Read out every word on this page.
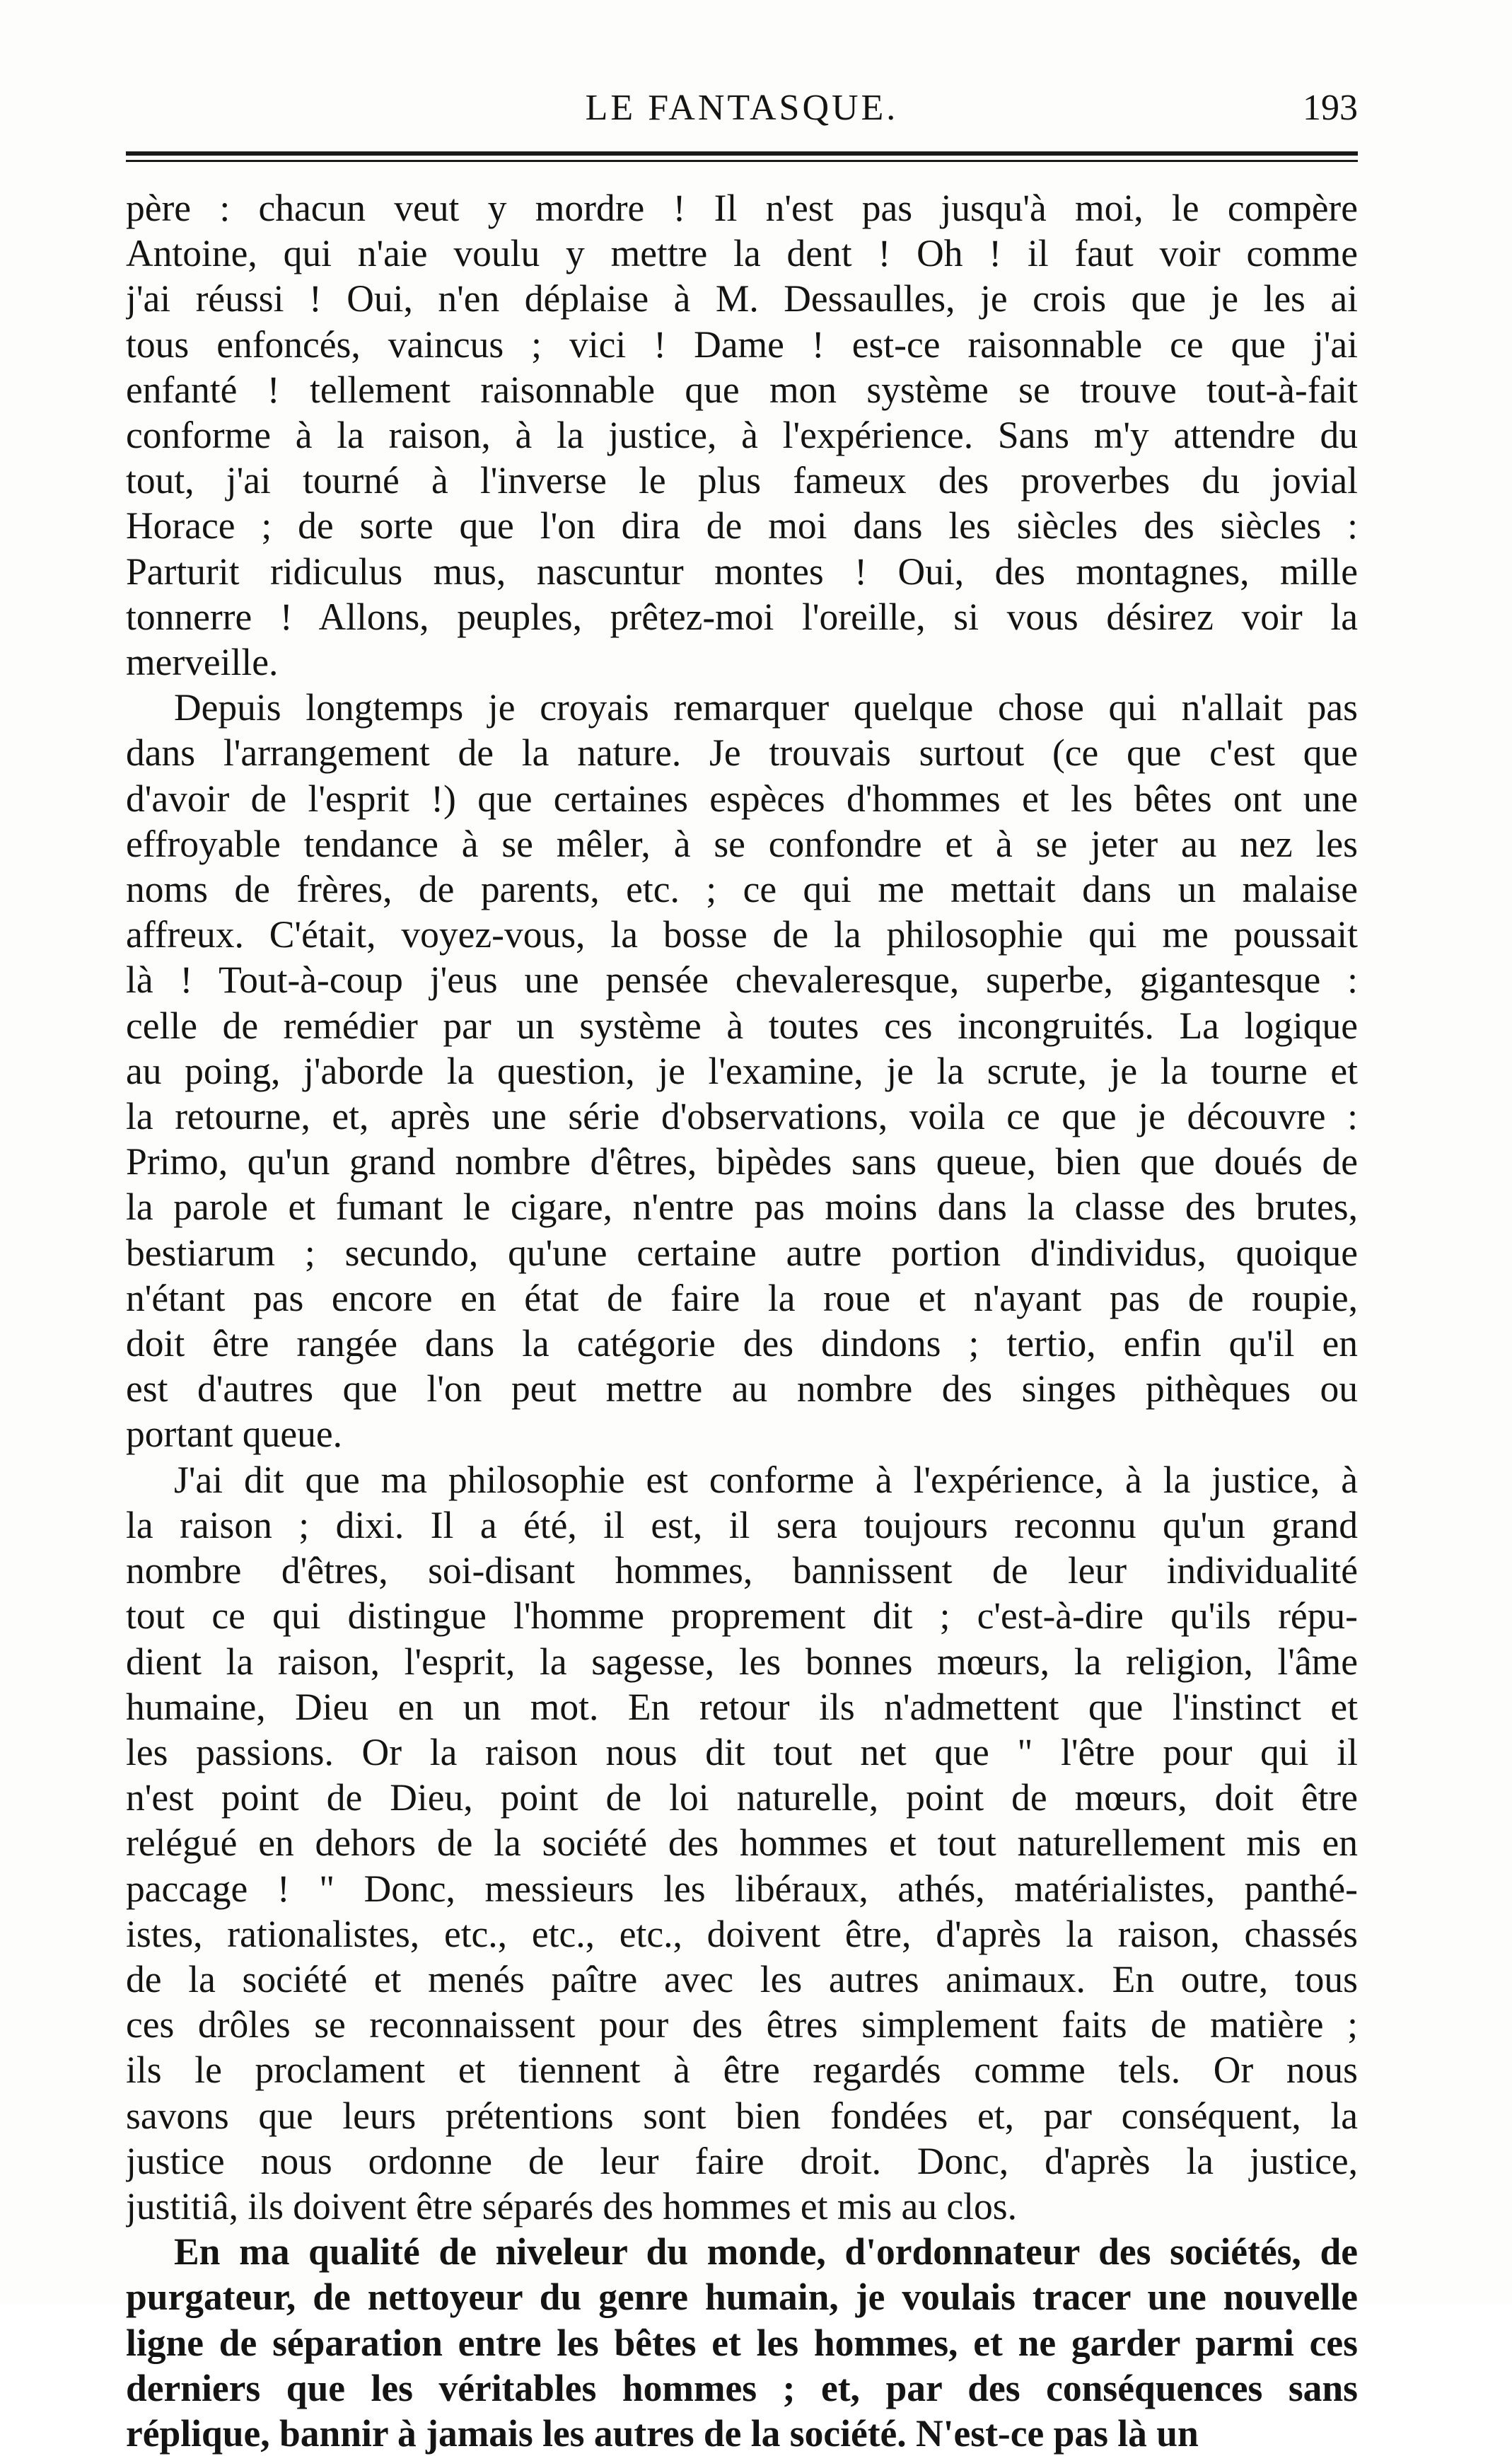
LE FANTASQUE.	193
père : chacun veut y mordre ! Il n'est pas jusqu'à moi, le compère
Antoine, qui n'aie voulu y mettre la dent ! Oh ! il faut voir comme
j'ai réussi ! Oui, n'en déplaise à M. Dessaulles, je crois que je les ai
tous enfoncés, vaincus ; vici ! Dame ! est-ce raisonnable ce que j'ai
enfanté ! tellement raisonnable que mon système se trouve tout-à-fait
conforme à la raison, à la justice, à l'expérience. Sans m'y attendre du
tout, j'ai tourné à l'inverse le plus fameux des proverbes du jovial
Horace ; de sorte que l'on dira de moi dans les siècles des siècles :
Parturit ridiculus mus, nascuntur montes ! Oui, des montagnes, mille
tonnerre ! Allons, peuples, prêtez-moi l'oreille, si vous désirez voir la
merveille.
Depuis longtemps je croyais remarquer quelque chose qui n'allait pas
dans l'arrangement de la nature. Je trouvais surtout (ce que c'est que
d'avoir de l'esprit !) que certaines espèces d'hommes et les bêtes ont une
effroyable tendance à se mêler, à se confondre et à se jeter au nez les
noms de frères, de parents, etc. ; ce qui me mettait dans un malaise
affreux. C'était, voyez-vous, la bosse de la philosophie qui me poussait
là ! Tout-à-coup j'eus une pensée chevaleresque, superbe, gigantesque :
celle de remédier par un système à toutes ces incongruités. La logique
au poing, j'aborde la question, je l'examine, je la scrute, je la tourne et
la retourne, et, après une série d'observations, voila ce que je découvre :
Primo, qu'un grand nombre d'êtres, bipèdes sans queue, bien que doués de
la parole et fumant le cigare, n'entre pas moins dans la classe des brutes,
bestiarum ; secundo, qu'une certaine autre portion d'individus, quoique
n'étant pas encore en état de faire la roue et n'ayant pas de roupie,
doit être rangée dans la catégorie des dindons ; tertio, enfin qu'il en
est d'autres que l'on peut mettre au nombre des singes pithèques ou
portant queue.
J'ai dit que ma philosophie est conforme à l'expérience, à la justice, à
la raison ; dixi. Il a été, il est, il sera toujours reconnu qu'un grand
nombre d'êtres, soi-disant hommes, bannissent de leur individualité
tout ce qui distingue l'homme proprement dit ; c'est-à-dire qu'ils répu-
dient la raison, l'esprit, la sagesse, les bonnes mœurs, la religion, l'âme
humaine, Dieu en un mot. En retour ils n'admettent que l'instinct et
les passions. Or la raison nous dit tout net que " l'être pour qui il
n'est point de Dieu, point de loi naturelle, point de mœurs, doit être
relégué en dehors de la société des hommes et tout naturellement mis en
paccage ! " Donc, messieurs les libéraux, athés, matérialistes, panthé-
istes, rationalistes, etc., etc., etc., doivent être, d'après la raison, chassés
de la société et menés paître avec les autres animaux. En outre, tous
ces drôles se reconnaissent pour des êtres simplement faits de matière ;
ils le proclament et tiennent à être regardés comme tels. Or nous
savons que leurs prétentions sont bien fondées et, par conséquent, la
justice nous ordonne de leur faire droit. Donc, d'après la justice,
justitiâ, ils doivent être séparés des hommes et mis au clos.
En ma qualité de niveleur du monde, d'ordonnateur des sociétés, de
purgateur, de nettoyeur du genre humain, je voulais tracer une nouvelle
ligne de séparation entre les bêtes et les hommes, et ne garder parmi ces
derniers que les véritables hommes ; et, par des conséquences sans
réplique, bannir à jamais les autres de la société. N'est-ce pas là un
